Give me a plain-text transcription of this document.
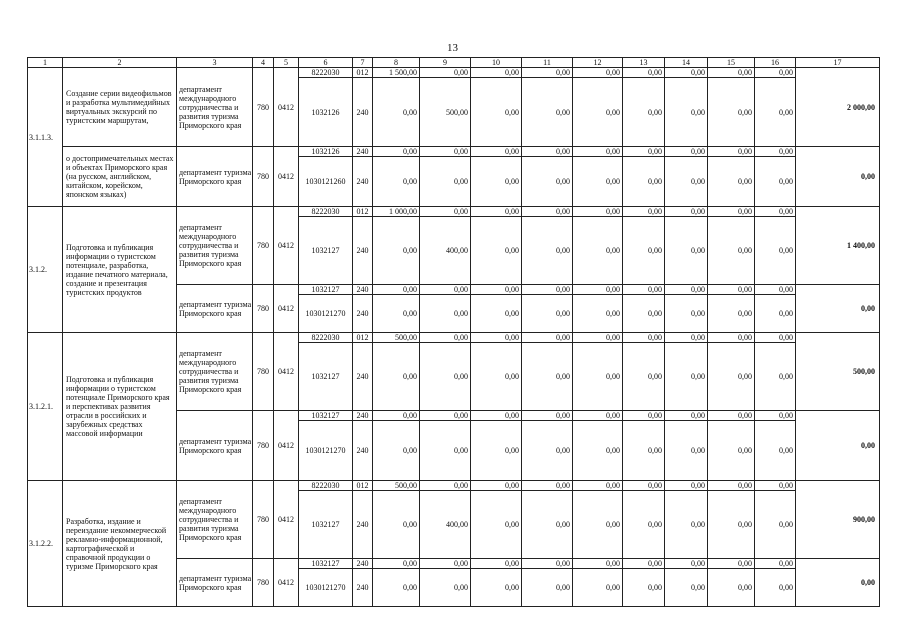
13
1	2	3	4	5	6	7	8	9	10	11	12	13	14	15	16	17
3.1.1.3.	Создание серии видеофильмов и разработка мультимедийных виртуальных экскурсий по туристским маршрутам,	департамент международного сотрудничества и развития туризма Приморского края	780	0412	8222030	012	1 500,00	0,00	0,00	0,00	0,00	0,00	0,00	0,00	0,00	2 000,00
					1032126	240	0,00	500,00	0,00	0,00	0,00	0,00	0,00	0,00	0,00	
	о достопримечательных местах и объектах Приморского края (на русском, английском, китайском, корейском, японском языках)	департамент туризма Приморского края	780	0412	1032126	240	0,00	0,00	0,00	0,00	0,00	0,00	0,00	0,00	0,00	0,00
					1030121260	240	0,00	0,00	0,00	0,00	0,00	0,00	0,00	0,00	0,00	
3.1.2.	Подготовка и публикация информации о туристском потенциале, разработка, издание печатного материала, создание и презентация туристских продуктов	департамент международного сотрудничества и развития туризма Приморского края	780	0412	8222030	012	1 000,00	0,00	0,00	0,00	0,00	0,00	0,00	0,00	0,00	1 400,00
					1032127	240	0,00	400,00	0,00	0,00	0,00	0,00	0,00	0,00	0,00	
		департамент туризма Приморского края	780	0412	1032127	240	0,00	0,00	0,00	0,00	0,00	0,00	0,00	0,00	0,00	0,00
					1030121270	240	0,00	0,00	0,00	0,00	0,00	0,00	0,00	0,00	0,00	
3.1.2.1.	Подготовка и публикация информации о туристском потенциале Приморского края и перспективах развития отрасли в российских и зарубежных средствах массовой информации	департамент международного сотрудничества и развития туризма Приморского края	780	0412	8222030	012	500,00	0,00	0,00	0,00	0,00	0,00	0,00	0,00	0,00	500,00
					1032127	240	0,00	0,00	0,00	0,00	0,00	0,00	0,00	0,00	0,00	
		департамент туризма Приморского края	780	0412	1032127	240	0,00	0,00	0,00	0,00	0,00	0,00	0,00	0,00	0,00	0,00
					1030121270	240	0,00	0,00	0,00	0,00	0,00	0,00	0,00	0,00	0,00	
3.1.2.2.	Разработка, издание и переиздание некоммерческой рекламно-информационной, картографической и справочной продукции о туризме Приморского края	департамент международного сотрудничества и развития туризма Приморского края	780	0412	8222030	012	500,00	0,00	0,00	0,00	0,00	0,00	0,00	0,00	0,00	900,00
					1032127	240	0,00	400,00	0,00	0,00	0,00	0,00	0,00	0,00	0,00	
		департамент туризма Приморского края	780	0412	1032127	240	0,00	0,00	0,00	0,00	0,00	0,00	0,00	0,00	0,00	0,00
					1030121270	240	0,00	0,00	0,00	0,00	0,00	0,00	0,00	0,00	0,00	
